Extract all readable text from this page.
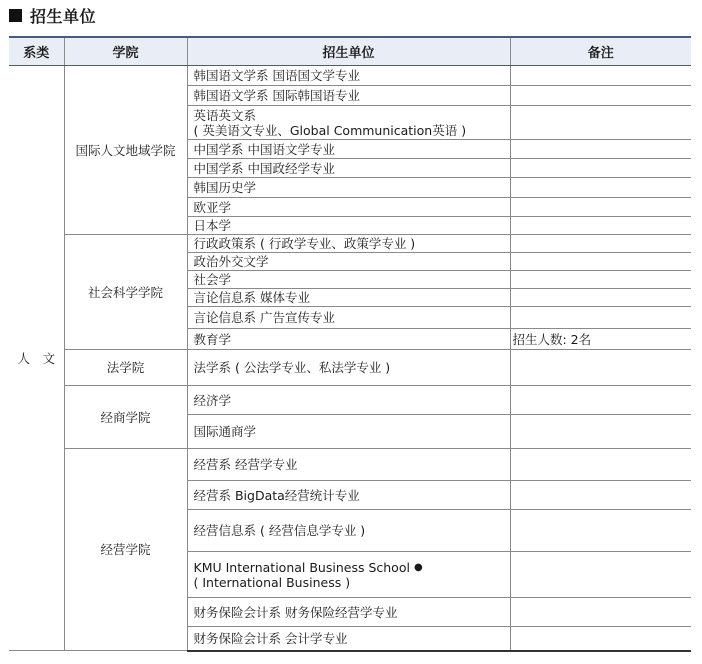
招生单位
系类	学院	招生单位	备注
人　文	国际人文地域学院	韩国语文学系 国语国文学专业	
		韩国语文学系 国际韩国语专业	

		英语英文系
( 英美语文专业、Global Communication英语 )	

		中国学系 中国语文学专业	
		中国学系 中国政经学专业	
		韩国历史学	
		欧亚学	
		日本学	
	社会科学学院	行政政策系 ( 行政学专业、政策学专业 )	
		政治外交文学	
		社会学	
		言论信息系 媒体专业	
		言论信息系 广告宣传专业	
		教育学	招生人数: 2名
	法学院	法学系 ( 公法学专业、私法学专业 )	
	经商学院	经济学	
		国际通商学	
	经营学院	经营系 经营学专业	
		经营系 BigData经营统计专业	
		经营信息系 ( 经营信息学专业 )	

		KMU International Business School ●
( International Business )	

		财务保险会计系 财务保险经营学专业	
		财务保险会计系 会计学专业	
